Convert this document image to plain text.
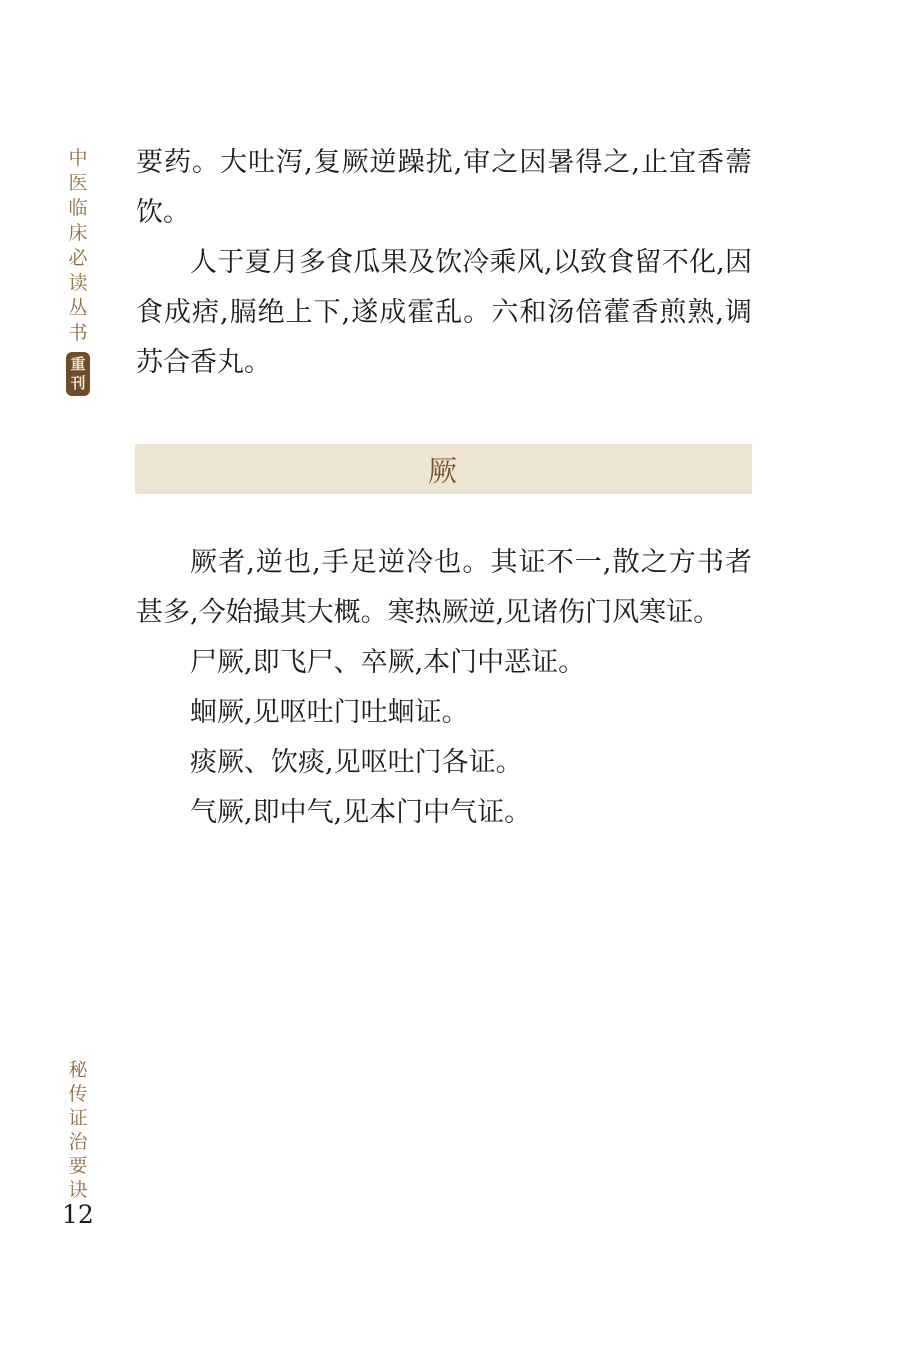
中
医
临
床
必
读
丛
书
重
刊

要药。大吐泻,复厥逆躁扰,审之因暑得之,止宜香薷饮。

人于夏月多食瓜果及饮冷乘风,以致食留不化,因食成痞,膈绝上下,遂成霍乱。六和汤倍藿香煎熟,调苏合香丸。

厥

厥者,逆也,手足逆冷也。其证不一,散之方书者甚多,今始撮其大概。寒热厥逆,见诸伤门风寒证。

尸厥,即飞尸、卒厥,本门中恶证。

蛔厥,见呕吐门吐蛔证。

痰厥、饮痰,见呕吐门各证。

气厥,即中气,见本门中气证。

秘
传
证
治
要
诀
12
